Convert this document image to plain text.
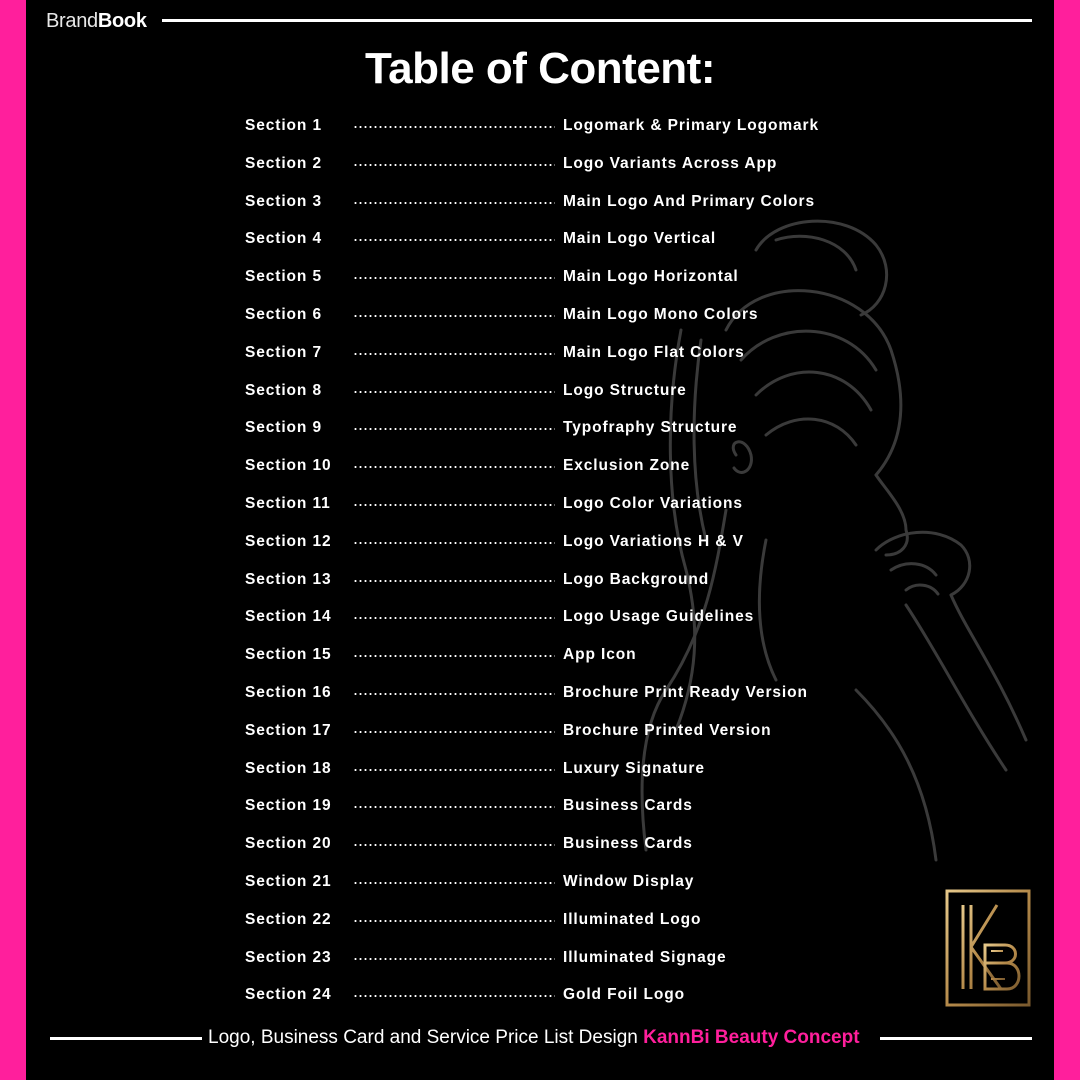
BrandBook
Table of Content:
Section 1	Logomark & Primary Logomark
Section 2	Logo Variants Across App
Section 3	Main Logo And Primary Colors
Section 4	Main Logo Vertical
Section 5	Main Logo Horizontal
Section 6	Main Logo Mono Colors
Section 7	Main Logo Flat Colors
Section 8	Logo Structure
Section 9	Typofraphy Structure
Section 10	Exclusion Zone
Section 11	Logo Color Variations
Section 12	Logo Variations H & V
Section 13	Logo Background
Section 14	Logo Usage Guidelines
Section 15	App Icon
Section 16	Brochure Print Ready Version
Section 17	Brochure Printed Version
Section 18	Luxury Signature
Section 19	Business Cards
Section 20	Business Cards
Section 21	Window Display
Section 22	Illuminated Logo
Section 23	Illuminated Signage
Section 24	Gold Foil Logo
Logo, Business Card and Service Price List Design KannBi Beauty Concept
